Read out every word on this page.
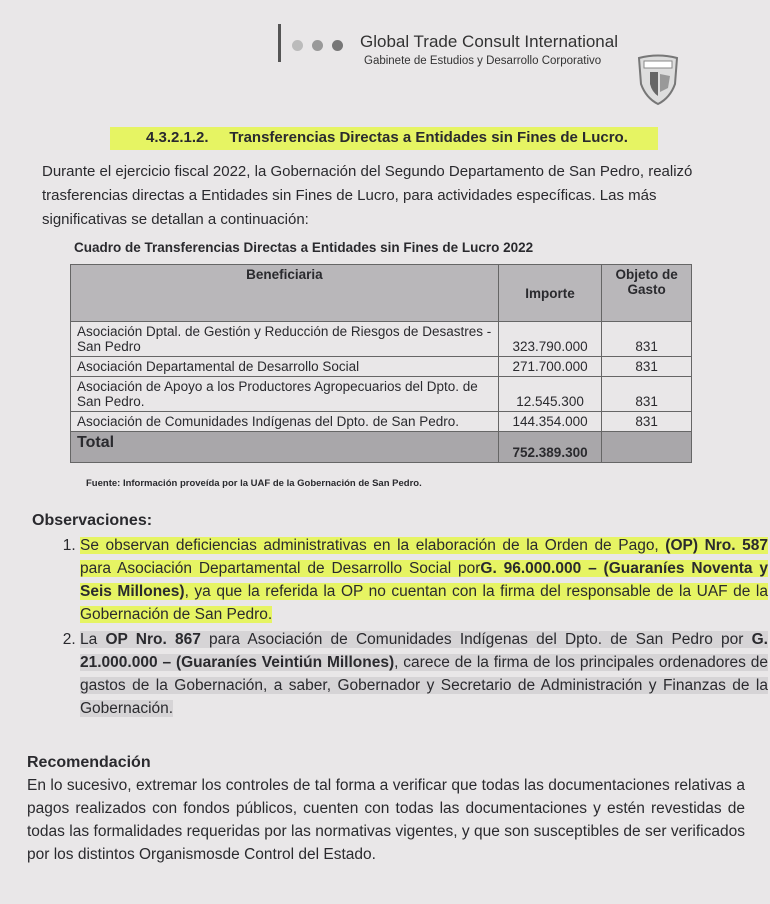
Global Trade Consult International
Gabinete de Estudios y Desarrollo Corporativo
4.3.2.1.2. Transferencias Directas a Entidades sin Fines de Lucro.
Durante el ejercicio fiscal 2022, la Gobernación del Segundo Departamento de San Pedro, realizó trasferencias directas a Entidades sin Fines de Lucro, para actividades específicas. Las más significativas se detallan a continuación:
Cuadro de Transferencias Directas a Entidades sin Fines de Lucro 2022
Beneficiaria	Importe	Objeto de Gasto
Asociación Dptal. de Gestión y Reducción de Riesgos de Desastres - San Pedro	323.790.000	831
Asociación Departamental de Desarrollo Social	271.700.000	831
Asociación de Apoyo a los Productores Agropecuarios del Dpto. de San Pedro.	12.545.300	831
Asociación de Comunidades Indígenas del Dpto. de San Pedro.	144.354.000	831
Total	752.389.300	
Fuente: Información proveída por la UAF de la Gobernación de San Pedro.
Observaciones:
1. Se observan deficiencias administrativas en la elaboración de la Orden de Pago, (OP) Nro. 587 para Asociación Departamental de Desarrollo Social porG. 96.000.000 – (Guaraníes Noventa y Seis Millones), ya que la referida la OP no cuentan con la firma del responsable de la UAF de la Gobernación de San Pedro.
2. La OP Nro. 867 para Asociación de Comunidades Indígenas del Dpto. de San Pedro por G. 21.000.000 – (Guaraníes Veintiún Millones), carece de la firma de los principales ordenadores de gastos de la Gobernación, a saber, Gobernador y Secretario de Administración y Finanzas de la Gobernación.
Recomendación
En lo sucesivo, extremar los controles de tal forma a verificar que todas las documentaciones relativas a pagos realizados con fondos públicos, cuenten con todas las documentaciones y estén revestidas de todas las formalidades requeridas por las normativas vigentes, y que son susceptibles de ser verificados por los distintos Organismosde Control del Estado.
